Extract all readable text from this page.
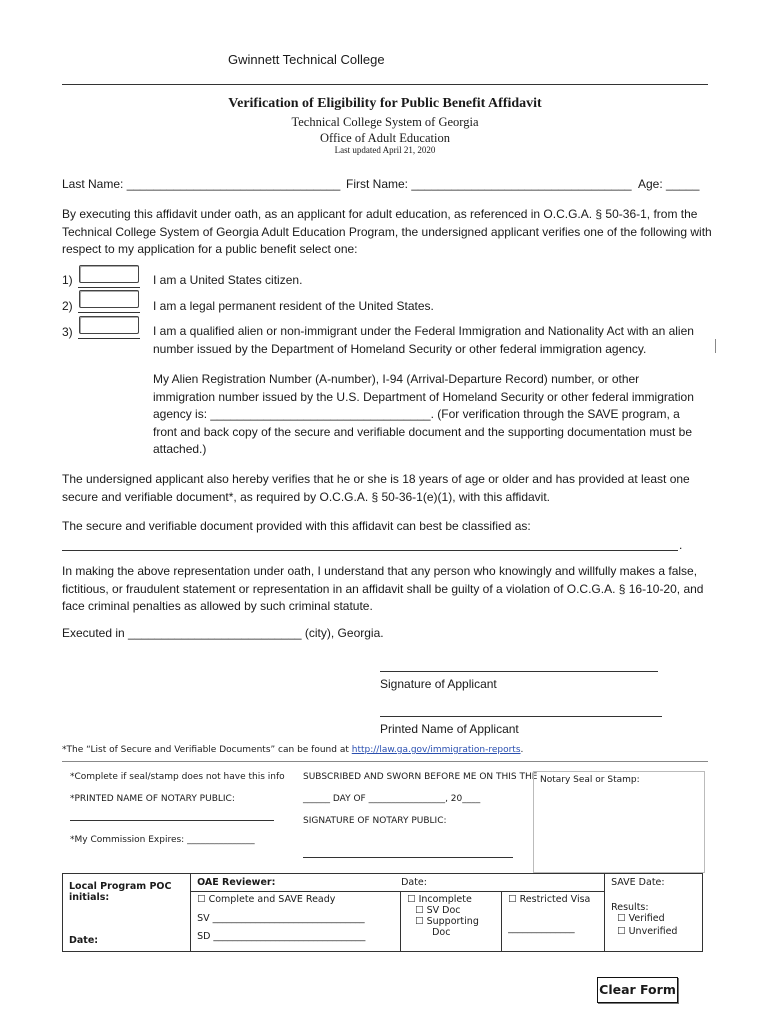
Gwinnett Technical College
Verification of Eligibility for Public Benefit Affidavit
Technical College System of Georgia
Office of Adult Education
Last updated April 21, 2020
Last Name: ________________________________ First Name: _________________________________ Age: _____
By executing this affidavit under oath, as an applicant for adult education, as referenced in O.C.G.A. § 50-36-1, from the Technical College System of Georgia Adult Education Program, the undersigned applicant verifies one of the following with respect to my application for a public benefit select one:
1)	I am a United States citizen.
2)	I am a legal permanent resident of the United States.
3)	I am a qualified alien or non-immigrant under the Federal Immigration and Nationality Act with an alien number issued by the Department of Homeland Security or other federal immigration agency.
My Alien Registration Number (A-number), I-94 (Arrival-Departure Record) number, or other immigration number issued by the U.S. Department of Homeland Security or other federal immigration agency is: _________________________________. (For verification through the SAVE program, a front and back copy of the secure and verifiable document and the supporting documentation must be attached.)
The undersigned applicant also hereby verifies that he or she is 18 years of age or older and has provided at least one secure and verifiable document*, as required by O.C.G.A. § 50-36-1(e)(1), with this affidavit.
The secure and verifiable document provided with this affidavit can best be classified as:
.
In making the above representation under oath, I understand that any person who knowingly and willfully makes a false, fictitious, or fraudulent statement or representation in an affidavit shall be guilty of a violation of O.C.G.A. § 16-10-20, and face criminal penalties as allowed by such criminal statute.
Executed in __________________________ (city), Georgia.
Signature of Applicant
Printed Name of Applicant
*The “List of Secure and Verifiable Documents” can be found at http://law.ga.gov/immigration-reports.
*Complete if seal/stamp does not have this info
*PRINTED NAME OF NOTARY PUBLIC:
*My Commission Expires: _______________
SUBSCRIBED AND SWORN BEFORE ME ON THIS THE
______ DAY OF _________________, 20____
SIGNATURE OF NOTARY PUBLIC:
Notary Seal or Stamp:
Local Program POC initials:
Date:

OAE Reviewer:	Date:
☐ Complete and SAVE Ready
SV ________________________________
SD ________________________________
☐ Incomplete
☐ SV Doc
☐ Supporting
Doc
☐ Restricted Visa
______________

SAVE Date:
Results:
☐ Verified
☐ Unverified
Clear Form
